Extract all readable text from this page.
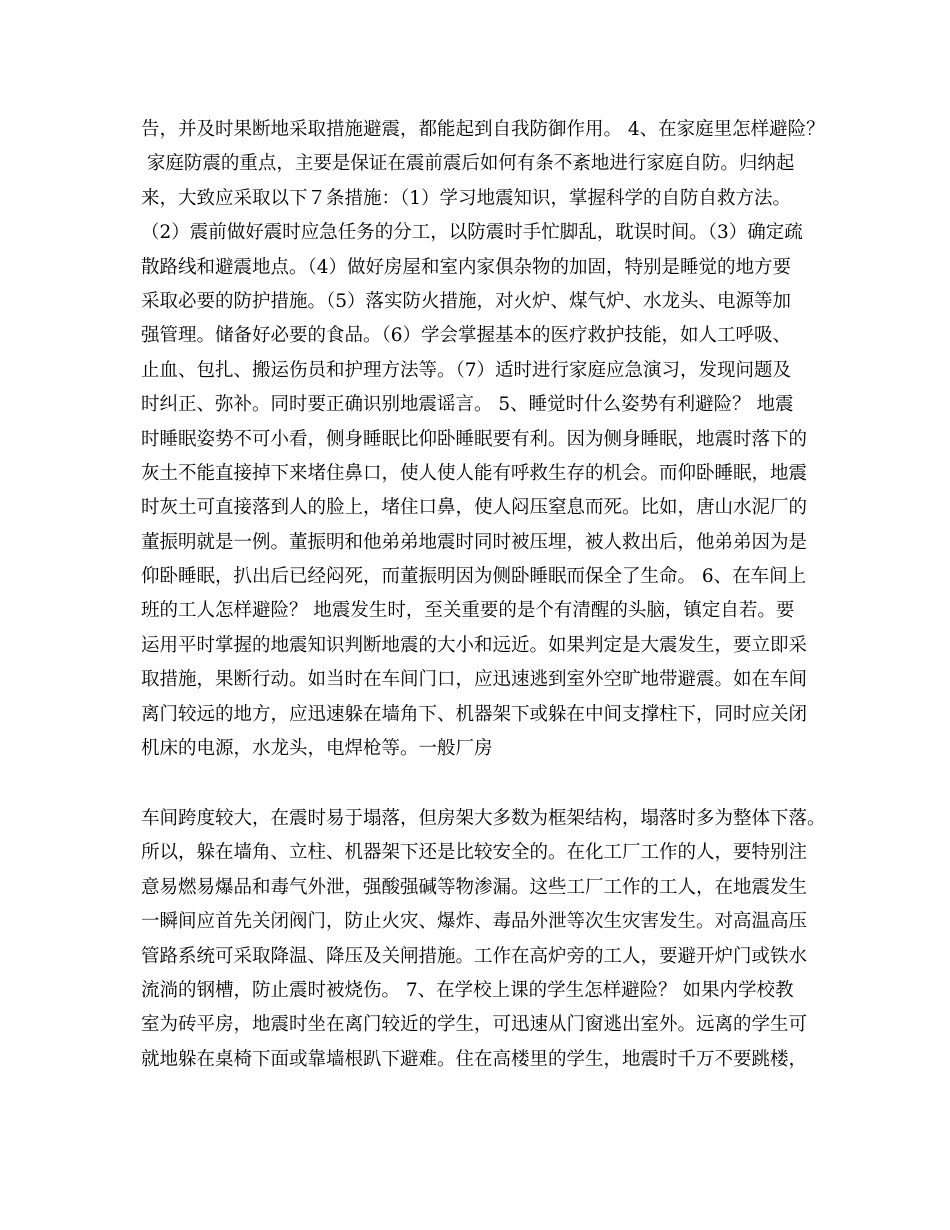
告，并及时果断地采取措施避震，都能起到自我防御作用。 4、在家庭里怎样避险？
家庭防震的重点，主要是保证在震前震后如何有条不紊地进行家庭自防。归纳起
来，大致应采取以下７条措施：（1）学习地震知识，掌握科学的自防自救方法。
（2）震前做好震时应急任务的分工，以防震时手忙脚乱，耽误时间。（3）确定疏
散路线和避震地点。（4）做好房屋和室内家俱杂物的加固，特别是睡觉的地方要
采取必要的防护措施。（5）落实防火措施，对火炉、煤气炉、水龙头、电源等加
强管理。储备好必要的食品。（6）学会掌握基本的医疗救护技能，如人工呼吸、
止血、包扎、搬运伤员和护理方法等。（7）适时进行家庭应急演习，发现问题及
时纠正、弥补。同时要正确识别地震谣言。 5、睡觉时什么姿势有利避险？ 地震
时睡眠姿势不可小看，侧身睡眠比仰卧睡眠要有利。因为侧身睡眠，地震时落下的
灰土不能直接掉下来堵住鼻口，使人使人能有呼救生存的机会。而仰卧睡眠，地震
时灰土可直接落到人的脸上，堵住口鼻，使人闷压窒息而死。比如，唐山水泥厂的
董振明就是一例。董振明和他弟弟地震时同时被压埋，被人救出后，他弟弟因为是
仰卧睡眠，扒出后已经闷死，而董振明因为侧卧睡眠而保全了生命。 6、在车间上
班的工人怎样避险？ 地震发生时，至关重要的是个有清醒的头脑，镇定自若。要
运用平时掌握的地震知识判断地震的大小和远近。如果判定是大震发生，要立即采
取措施，果断行动。如当时在车间门口，应迅速逃到室外空旷地带避震。如在车间
离门较远的地方，应迅速躲在墙角下、机器架下或躲在中间支撑柱下，同时应关闭
机床的电源，水龙头，电焊枪等。一般厂房
车间跨度较大，在震时易于塌落，但房架大多数为框架结构，塌落时多为整体下落。
所以，躲在墙角、立柱、机器架下还是比较安全的。在化工厂工作的人，要特别注
意易燃易爆品和毒气外泄，强酸强碱等物渗漏。这些工厂工作的工人，在地震发生
一瞬间应首先关闭阀门，防止火灾、爆炸、毒品外泄等次生灾害发生。对高温高压
管路系统可采取降温、降压及关闸措施。工作在高炉旁的工人，要避开炉门或铁水
流淌的钢槽，防止震时被烧伤。 7、在学校上课的学生怎样避险？ 如果内学校教
室为砖平房，地震时坐在离门较近的学生，可迅速从门窗逃出室外。远离的学生可
就地躲在桌椅下面或靠墙根趴下避难。住在高楼里的学生，地震时千万不要跳楼，
